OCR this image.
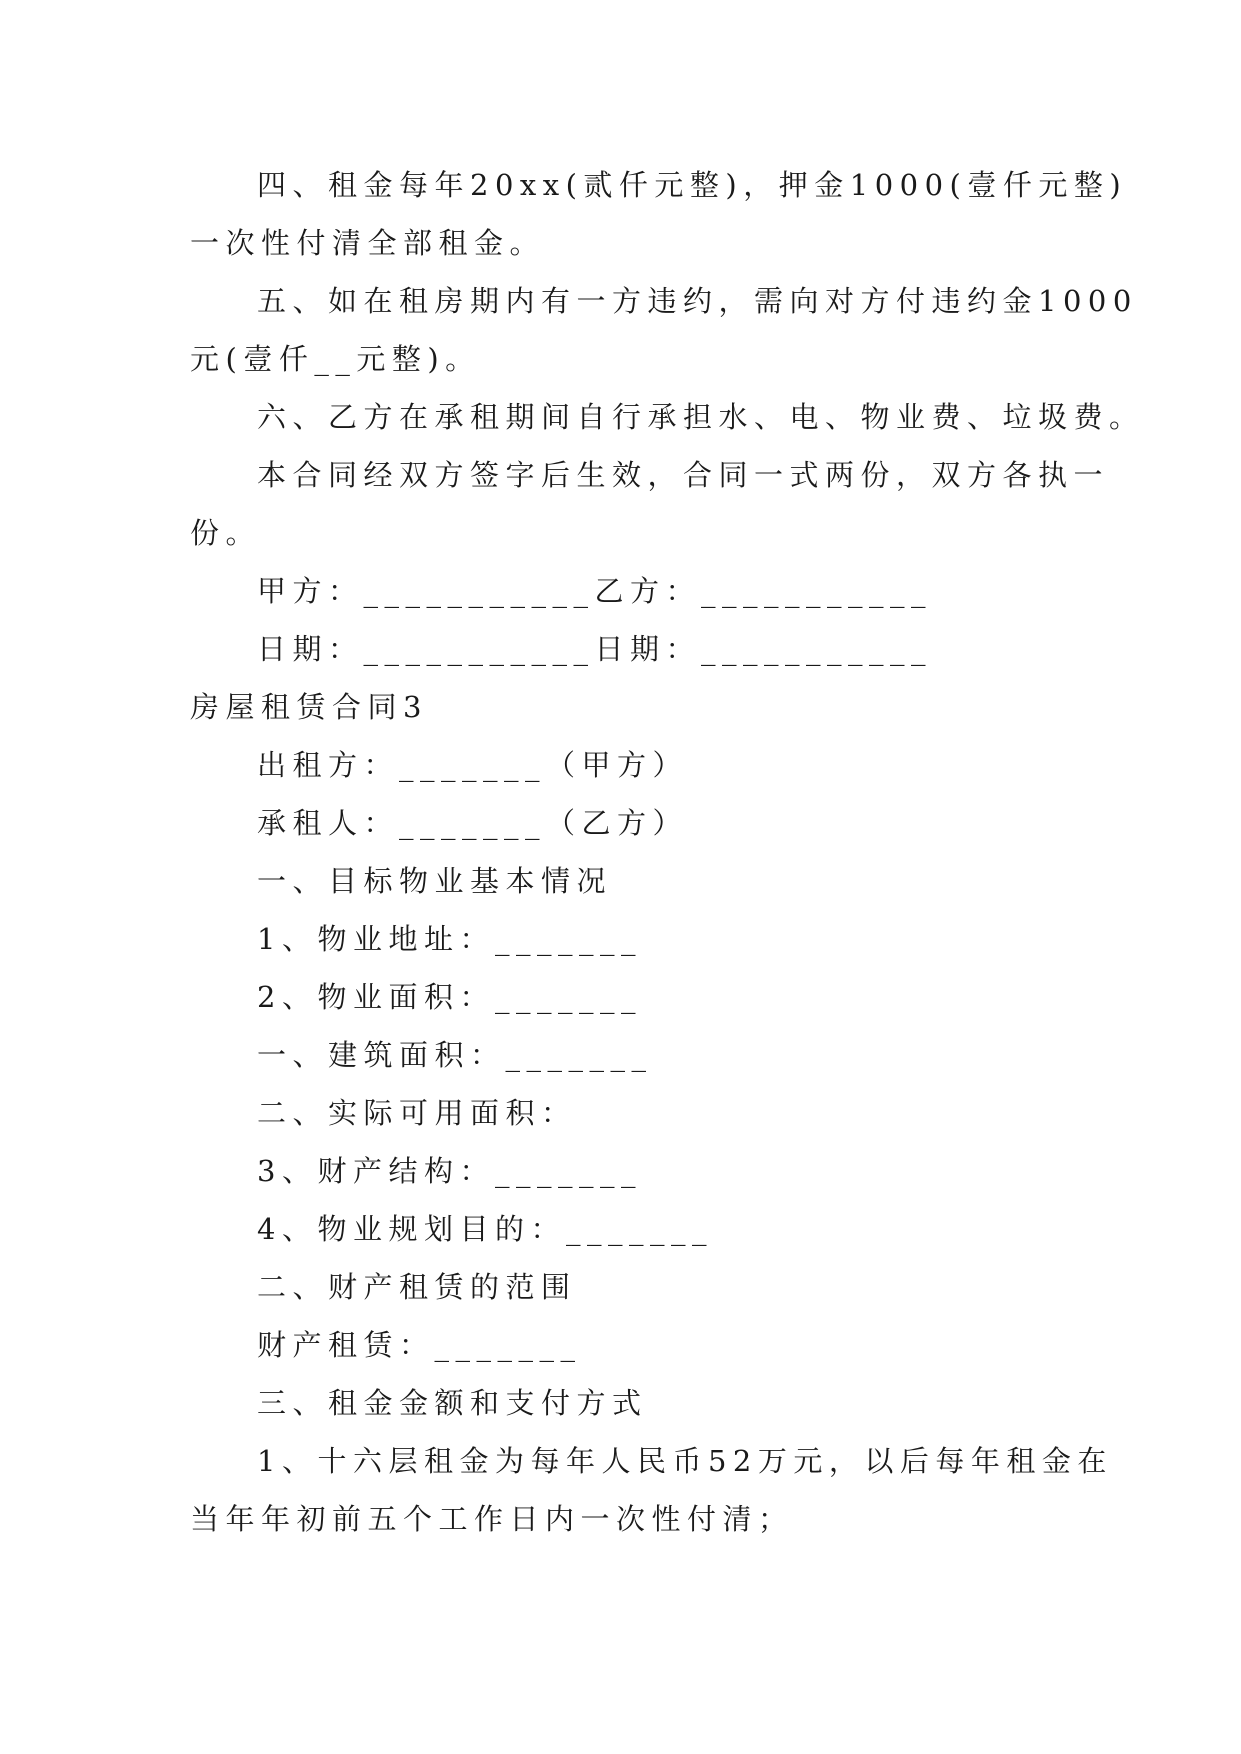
四、租金每年20xx(贰仟元整)，押金1000(壹仟元整)
一次性付清全部租金。
五、如在租房期内有一方违约，需向对方付违约金1000
元(壹仟__元整)。
六、乙方在承租期间自行承担水、电、物业费、垃圾费。
本合同经双方签字后生效，合同一式两份，双方各执一
份。
甲方：___________乙方：___________
日期：___________日期：___________
房屋租赁合同3
出租方：_______（甲方）
承租人：_______（乙方）
一、目标物业基本情况
1、物业地址：_______
2、物业面积：_______
一、建筑面积：_______
二、实际可用面积：
3、财产结构：_______
4、物业规划目的：_______
二、财产租赁的范围
财产租赁：_______
三、租金金额和支付方式
1、十六层租金为每年人民币52万元，以后每年租金在
当年年初前五个工作日内一次性付清；
